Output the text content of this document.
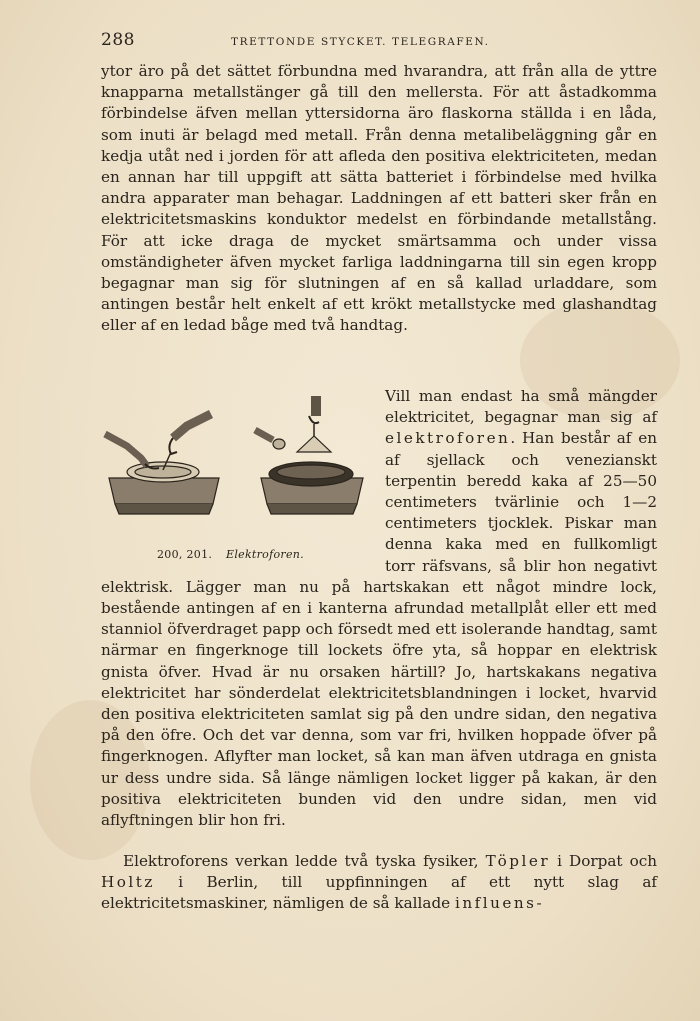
288	TRETTONDE STYCKET. TELEGRAFEN.

ytor äro på det sättet förbundna med hvarandra, att från alla de yttre knapparna metallstänger gå till den mellersta. För att åstadkomma förbindelse äfven mellan yttersidorna äro flaskorna ställda i en låda, som inuti är belagd med metall. Från denna metalibeläggning går en kedja utåt ned i jorden för att afleda den positiva elektriciteten, medan en annan har till uppgift att sätta batteriet i förbindelse med hvilka andra apparater man behagar. Laddningen af ett batteri sker från en elektricitetsmaskins konduktor medelst en förbindande metallstång. För att icke draga de mycket smärtsamma och under vissa omständigheter äfven mycket farliga laddningarna till sin egen kropp begagnar man sig för slutningen af en så kallad urladdare, som antingen består helt enkelt af ett krökt metallstycke med glashandtag eller af en ledad båge med två handtag.

200, 201. Elektroforen.
Vill man endast ha små mängder elektricitet, begagnar man sig af elektroforen. Han består af en af sjellack och venezianskt terpentin beredd kaka af 25—50 centimeters tvärlinie och 1—2 centimeters tjocklek. Piskar man denna kaka med en fullkomligt torr räfsvans, så blir hon negativt elektrisk. Lägger man nu på hartskakan ett något mindre lock, bestående antingen af en i kanterna afrundad metallplåt eller ett med stanniol öfverdraget papp och försedt med ett isolerande handtag, samt närmar en fingerknoge till lockets öfre yta, så hoppar en elektrisk gnista öfver. Hvad är nu orsaken härtill? Jo, hartskakans negativa elektricitet har sönderdelat elektricitetsblandningen i locket, hvarvid den positiva elektriciteten samlat sig på den undre sidan, den negativa på den öfre. Och det var denna, som var fri, hvilken hoppade öfver på fingerknogen. Aflyfter man locket, så kan man äfven utdraga en gnista ur dess undre sida. Så länge nämligen locket ligger på kakan, är den positiva elektriciteten bunden vid den undre sidan, men vid aflyftningen blir hon fri.

Elektroforens verkan ledde två tyska fysiker, Töpler i Dorpat och Holtz i Berlin, till uppfinningen af ett nytt slag af elektricitetsmaskiner, nämligen de så kallade influens-
